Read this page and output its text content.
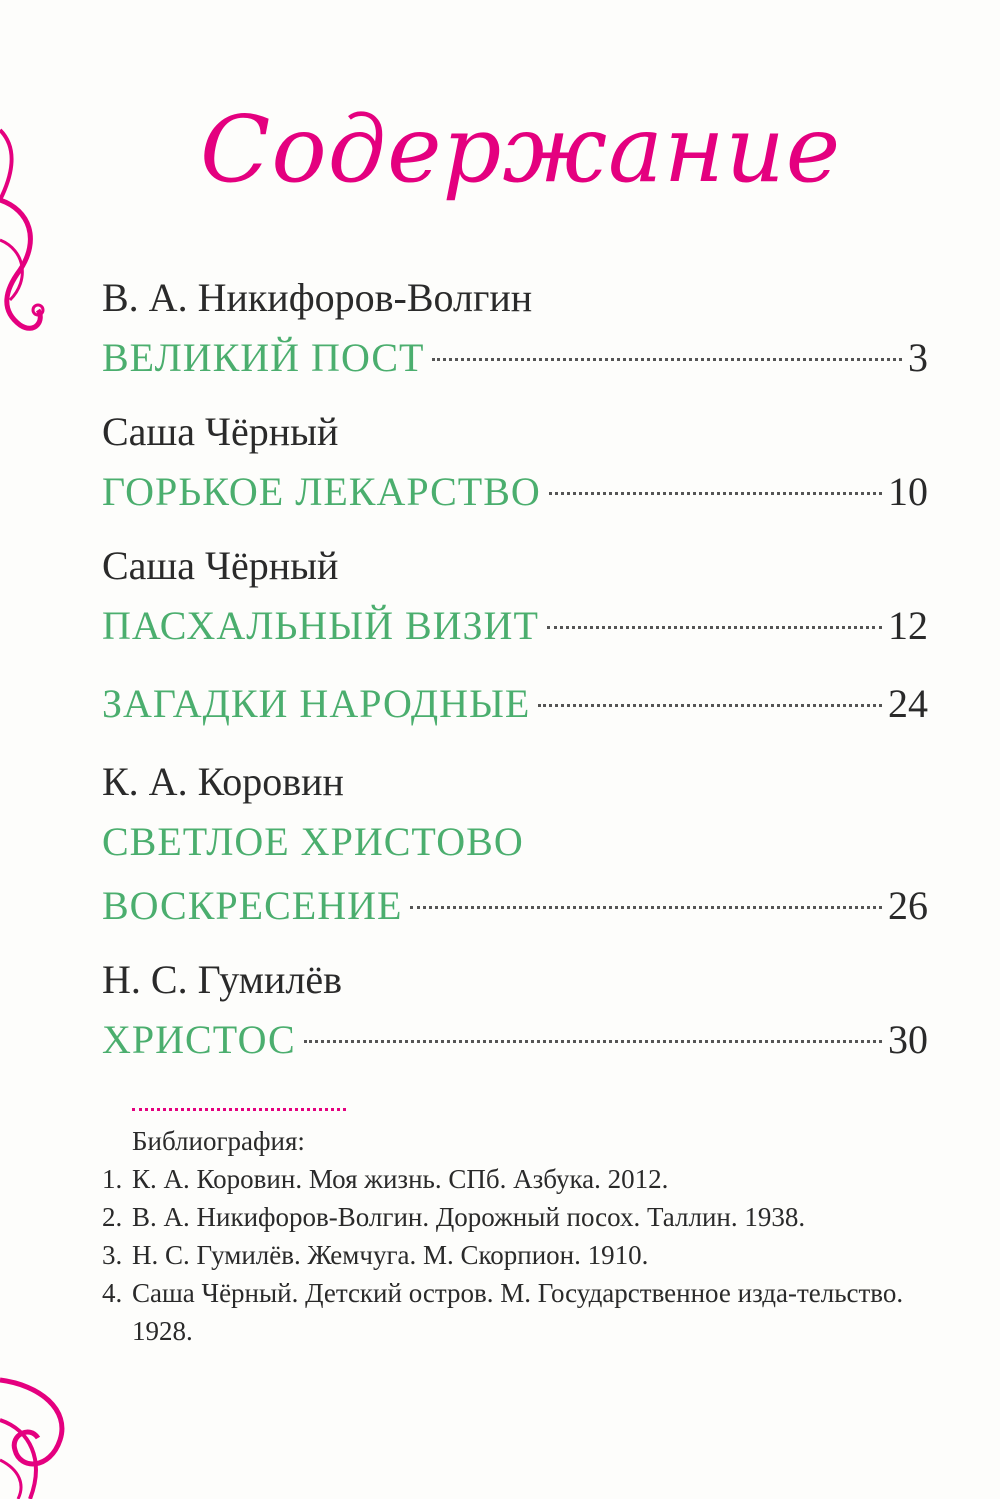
Содержание
В. А. Никифоров-Волгин
ВЕЛИКИЙ ПОСТ	3
Саша Чёрный
ГОРЬКОЕ ЛЕКАРСТВО	10
Саша Чёрный
ПАСХАЛЬНЫЙ ВИЗИТ	12
ЗАГАДКИ НАРОДНЫЕ	24
К. А. Коровин
СВЕТЛОЕ ХРИСТОВО
ВОСКРЕСЕНИЕ	26
Н. С. Гумилёв
ХРИСТОС	30
Библиография:
1. К. А. Коровин. Моя жизнь. СПб. Азбука. 2012.
2. В. А. Никифоров-Волгин. Дорожный посох. Таллин. 1938.
3. Н. С. Гумилёв. Жемчуга. М. Скорпион. 1910.
4. Саша Чёрный. Детский остров. М. Государственное изда-тельство. 1928.
